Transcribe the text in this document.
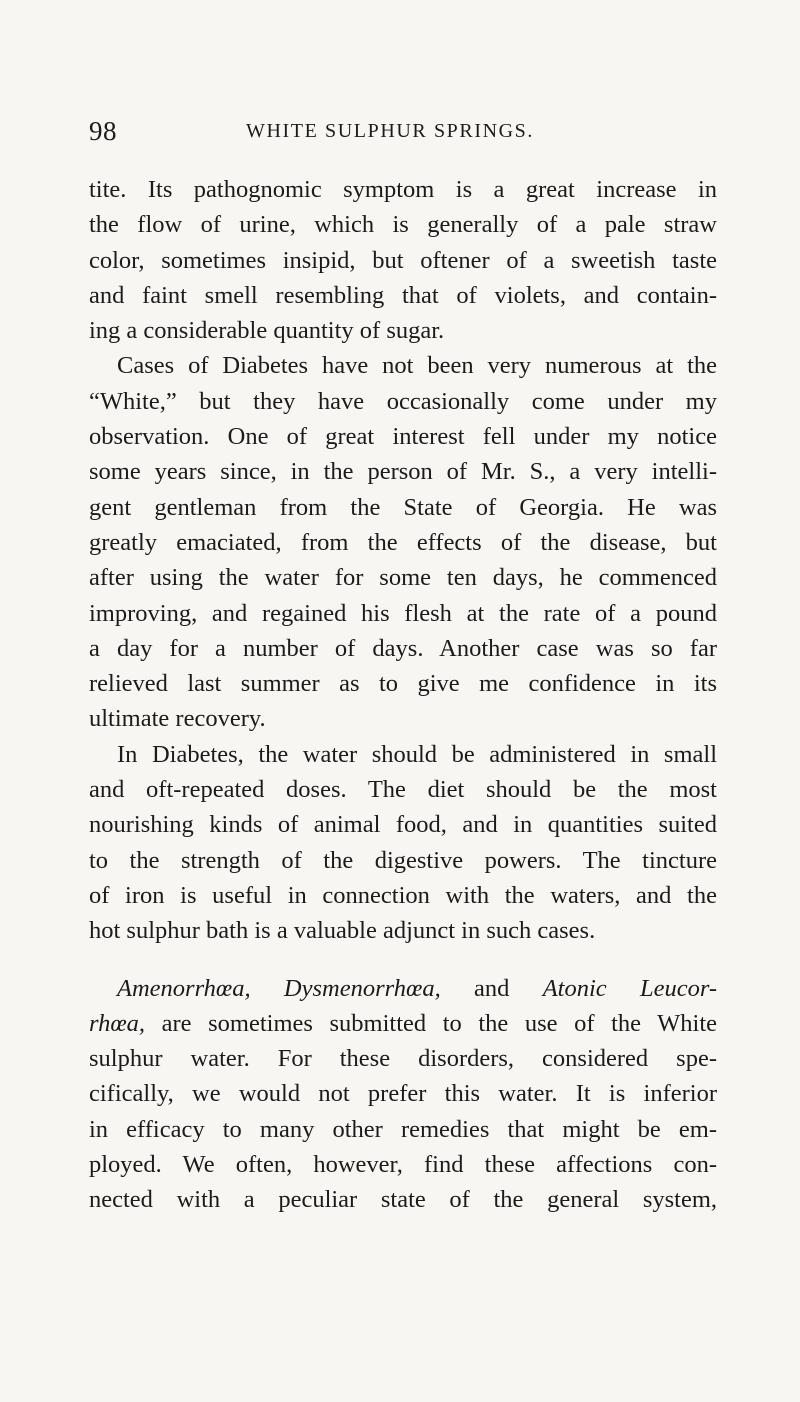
98	WHITE SULPHUR SPRINGS.
tite. Its pathognomic symptom is a great increase in
the flow of urine, which is generally of a pale straw
color, sometimes insipid, but oftener of a sweetish taste
and faint smell resembling that of violets, and contain-
ing a considerable quantity of sugar.
Cases of Diabetes have not been very numerous at the
“White,” but they have occasionally come under my
observation. One of great interest fell under my notice
some years since, in the person of Mr. S., a very intelli-
gent gentleman from the State of Georgia. He was
greatly emaciated, from the effects of the disease, but
after using the water for some ten days, he commenced
improving, and regained his flesh at the rate of a pound
a day for a number of days. Another case was so far
relieved last summer as to give me confidence in its
ultimate recovery.
In Diabetes, the water should be administered in small
and oft-repeated doses. The diet should be the most
nourishing kinds of animal food, and in quantities suited
to the strength of the digestive powers. The tincture
of iron is useful in connection with the waters, and the
hot sulphur bath is a valuable adjunct in such cases.
Amenorrhœa, Dysmenorrhœa, and Atonic Leucor-
rhœa, are sometimes submitted to the use of the White
sulphur water. For these disorders, considered spe-
cifically, we would not prefer this water. It is inferior
in efficacy to many other remedies that might be em-
ployed. We often, however, find these affections con-
nected with a peculiar state of the general system,
